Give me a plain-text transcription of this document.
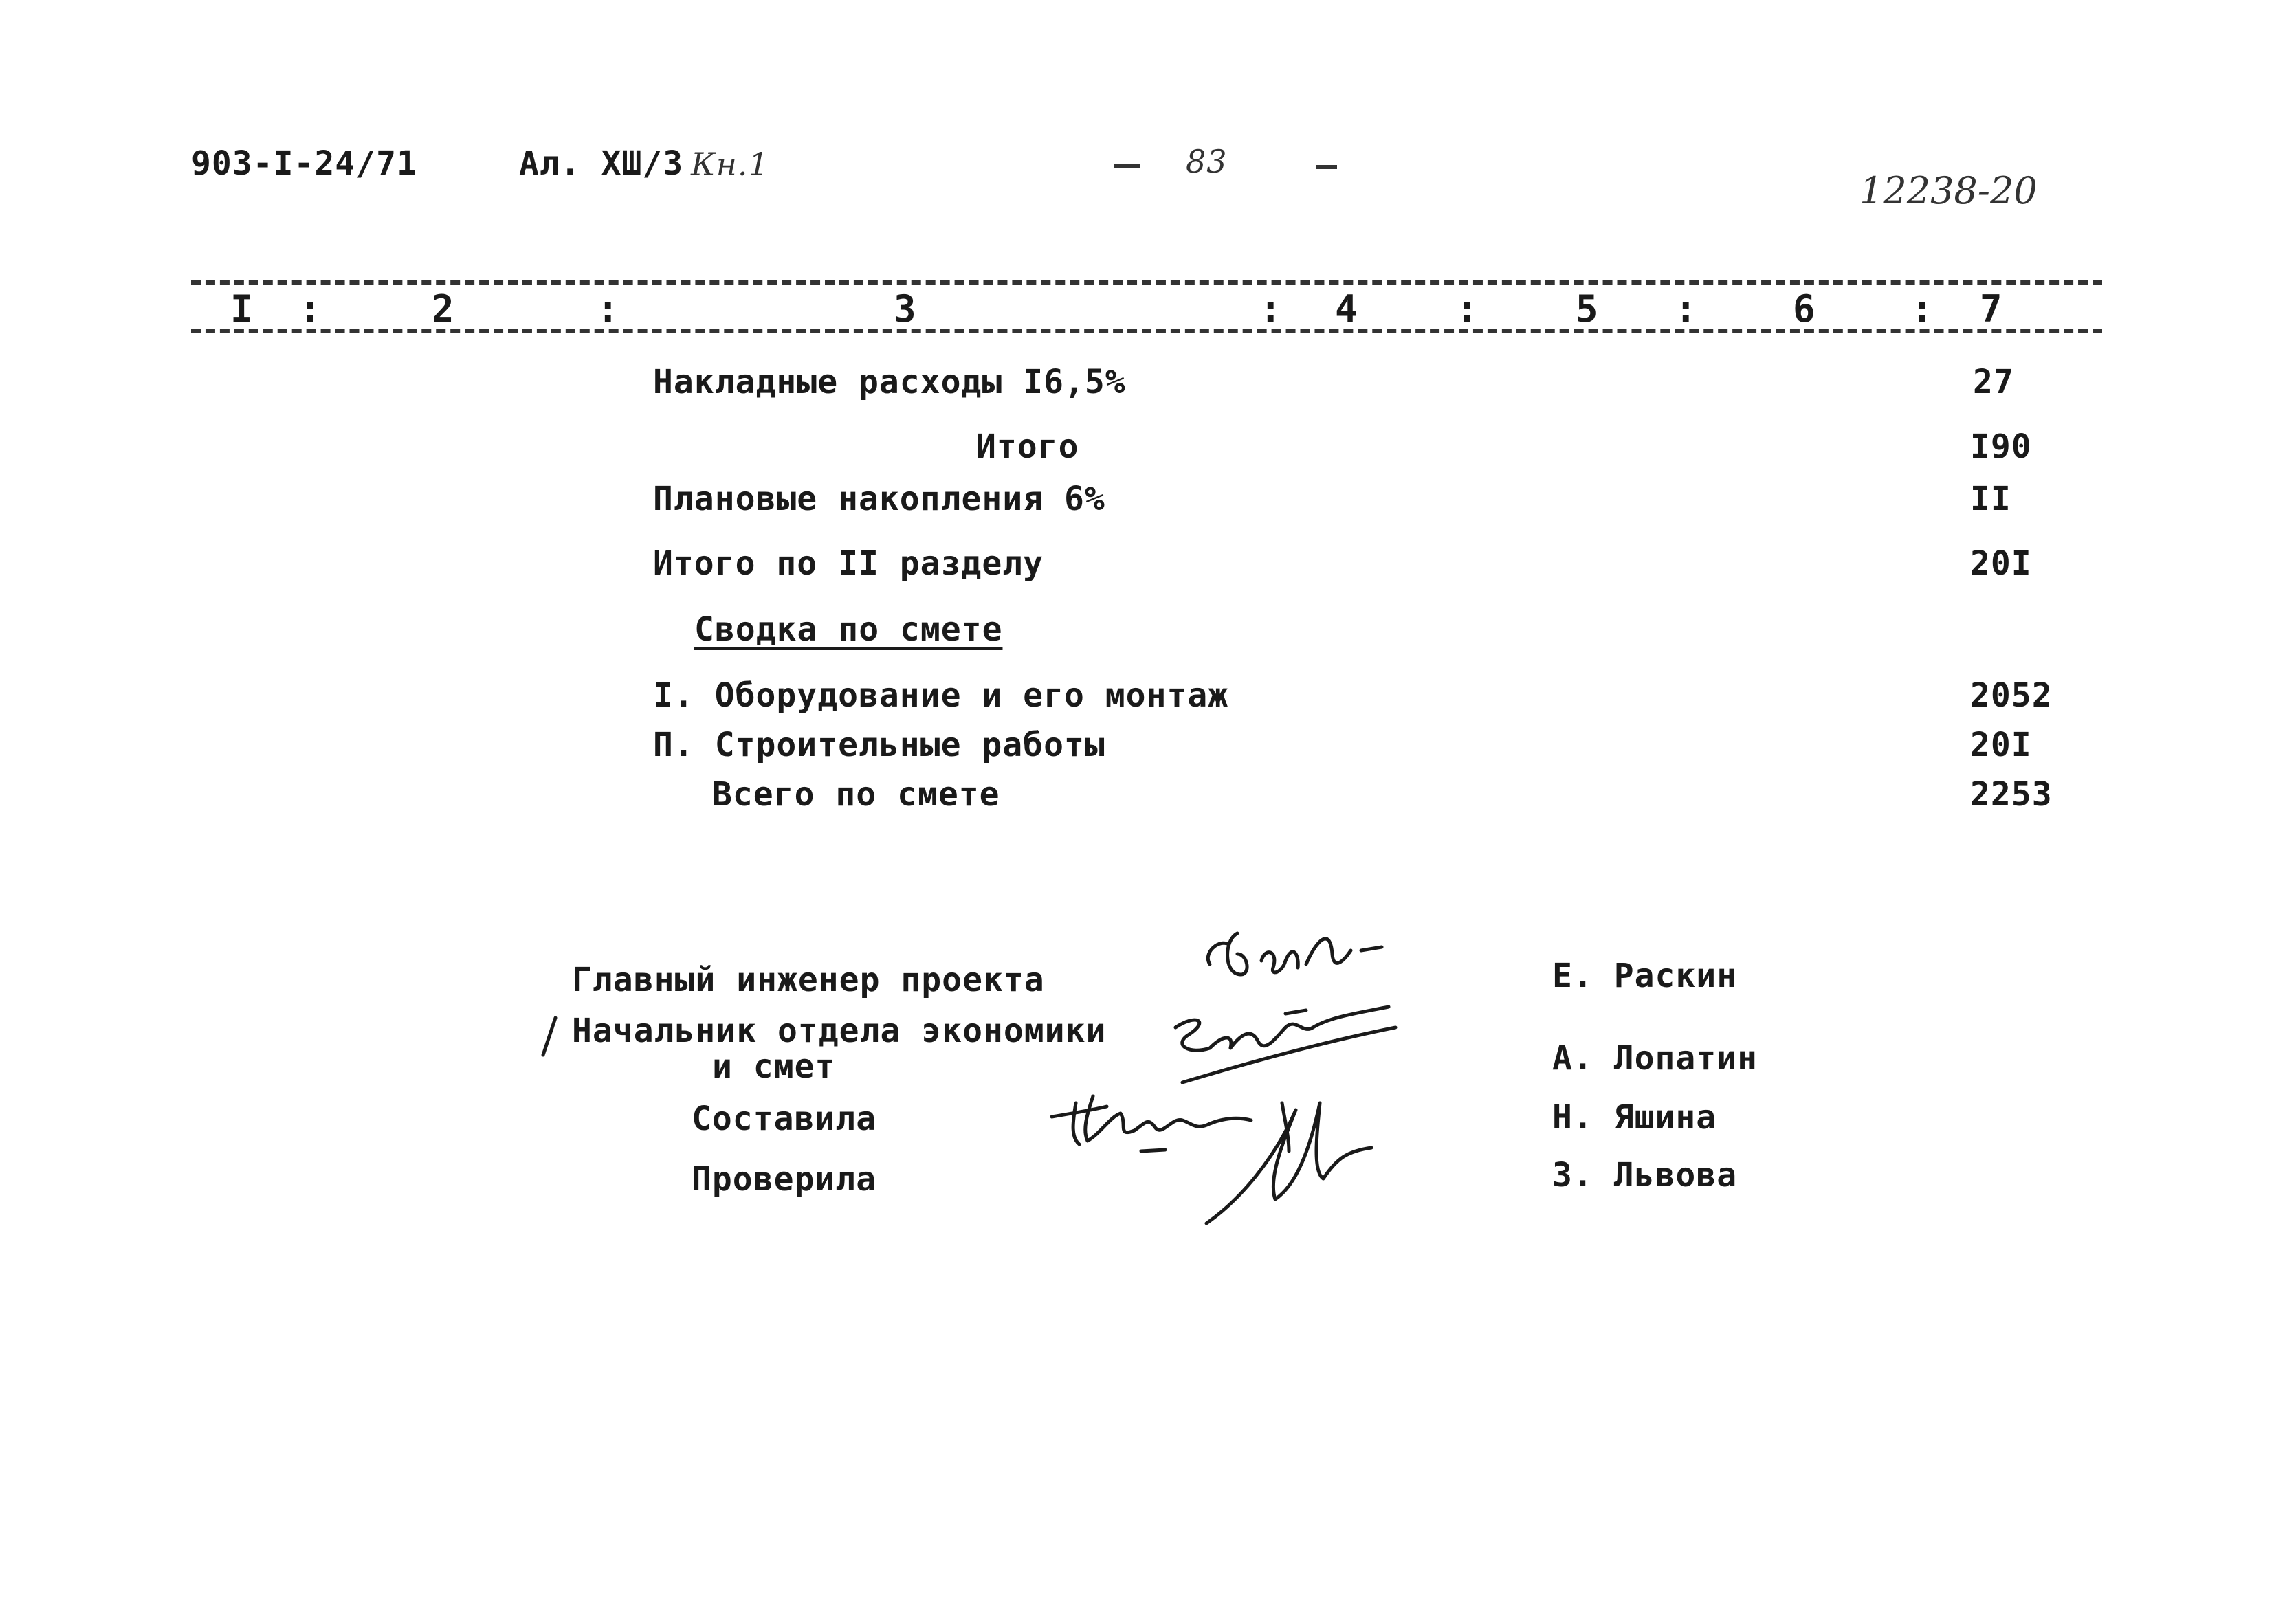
903-I-24/71	Ал. XШ/3 Кн.1	83
12238-20
I :	2	:	3	: 4	:	5 :	6	: 7
Накладные расходы I6,5%	27
Итого	I90
Плановые накопления 6%	II
Итого по II разделу	20I
Сводка по смете
I. Оборудование и его монтаж	2052
П. Строительные работы	20I
Всего по смете	2253
Главный инженер проекта
Начальник отдела экономики
и смет
Составила
Проверила
Е. Раскин
А. Лопатин
Н. Яшина
З. Львова
